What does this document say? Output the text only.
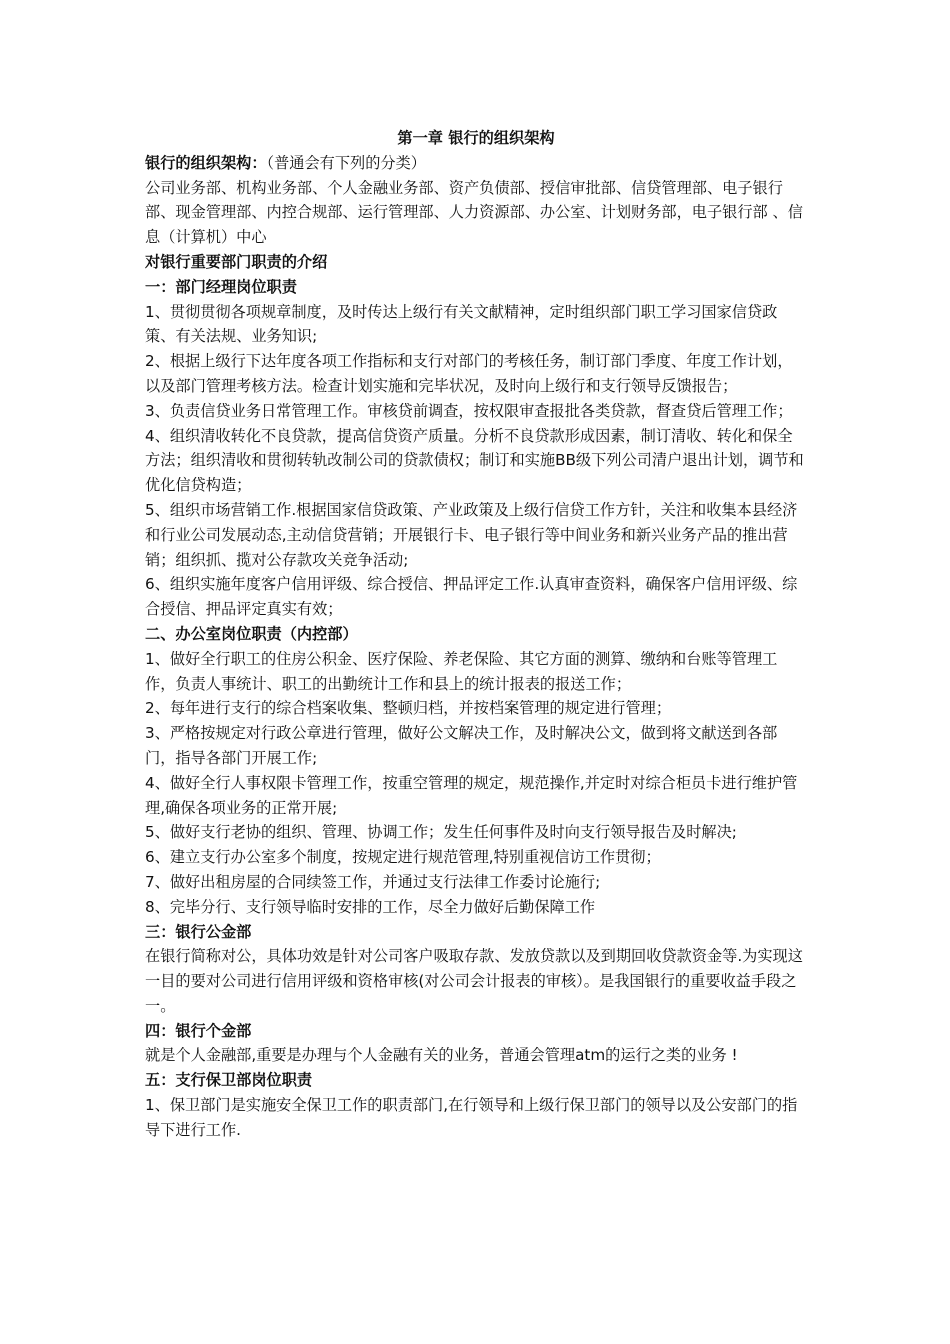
第一章 银行的组织架构

银行的组织架构：（普通会有下列的分类）

公司业务部、机构业务部、个人金融业务部、资产负债部、授信审批部、信贷管理部、电子银行部、现金管理部、内控合规部、运行管理部、人力资源部、办公室、计划财务部，电子银行部 、信息（计算机）中心

对银行重要部门职责的介绍

一：部门经理岗位职责

1、贯彻贯彻各项规章制度，及时传达上级行有关文献精神，定时组织部门职工学习国家信贷政策、有关法规、业务知识;

2、根据上级行下达年度各项工作指标和支行对部门的考核任务，制订部门季度、年度工作计划，以及部门管理考核方法。检查计划实施和完毕状况，及时向上级行和支行领导反馈报告；

3、负责信贷业务日常管理工作。审核贷前调查，按权限审查报批各类贷款，督查贷后管理工作；

4、组织清收转化不良贷款，提高信贷资产质量。分析不良贷款形成因素，制订清收、转化和保全方法；组织清收和贯彻转轨改制公司的贷款债权；制订和实施BB级下列公司清户退出计划，调节和优化信贷构造；

5、组织市场营销工作.根据国家信贷政策、产业政策及上级行信贷工作方针，关注和收集本县经济和行业公司发展动态,主动信贷营销；开展银行卡、电子银行等中间业务和新兴业务产品的推出营销；组织抓、揽对公存款攻关竞争活动;

6、组织实施年度客户信用评级、综合授信、押品评定工作.认真审查资料，确保客户信用评级、综合授信、押品评定真实有效；

二、办公室岗位职责（内控部）

1、做好全行职工的住房公积金、医疗保险、养老保险、其它方面的测算、缴纳和台账等管理工作，负责人事统计、职工的出勤统计工作和县上的统计报表的报送工作；

2、每年进行支行的综合档案收集、整顿归档，并按档案管理的规定进行管理；

3、严格按规定对行政公章进行管理，做好公文解决工作，及时解决公文，做到将文献送到各部门，指导各部门开展工作;

4、做好全行人事权限卡管理工作，按重空管理的规定，规范操作,并定时对综合柜员卡进行维护管理,确保各项业务的正常开展;

5、做好支行老协的组织、管理、协调工作；发生任何事件及时向支行领导报告及时解决;

6、建立支行办公室多个制度，按规定进行规范管理,特别重视信访工作贯彻；

7、做好出租房屋的合同续签工作，并通过支行法律工作委讨论施行;

8、完毕分行、支行领导临时安排的工作，尽全力做好后勤保障工作

三：银行公金部

在银行简称对公，具体功效是针对公司客户吸取存款、发放贷款以及到期回收贷款资金等.为实现这一目的要对公司进行信用评级和资格审核(对公司会计报表的审核）。是我国银行的重要收益手段之一。

四：银行个金部

就是个人金融部,重要是办理与个人金融有关的业务，普通会管理atm的运行之类的业务 !

五：支行保卫部岗位职责

1、保卫部门是实施安全保卫工作的职责部门,在行领导和上级行保卫部门的领导以及公安部门的指导下进行工作.
